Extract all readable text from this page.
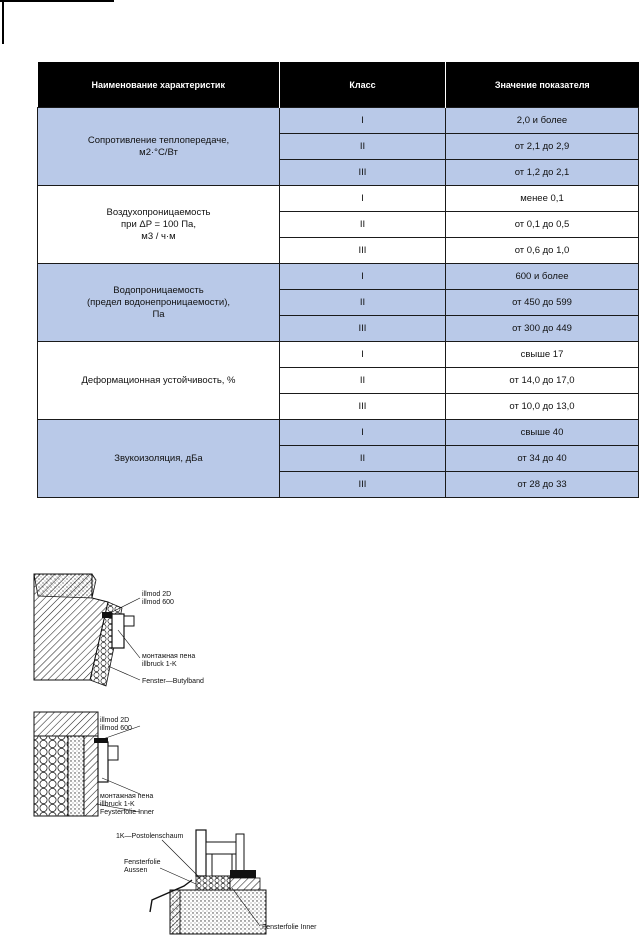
Наименование характеристик	Класс	Значение показателя
Сопротивление теплопередаче,
м2·°С/Вт	I	2,0 и более
	II	от 2,1 до 2,9
	III	от 1,2 до 2,1
Воздухопроницаемость
при ΔP = 100 Па,
м3 / ч·м	I	менее 0,1
	II	от 0,1 до 0,5
	III	от 0,6 до 1,0
Водопроницаемость
(предел водонепроницаемости),
Па	I	600 и более
	II	от 450 до 599
	III	от 300 до 449
Деформационная устойчивость, %	I	свыше 17
	II	от 14,0 до 17,0
	III	от 10,0 до 13,0
Звукоизоляция, дБа	I	свыше 40
	II	от 34 до 40
	III	от 28 до 33
illmod 2D
illmod 600
монтажная пена
illbruck 1-K
Fenster—Butylband
illmod 2D
illmod 600
монтажная пена
illbruck 1-K
Feysterfolie Inner
1K—Postolenschaum
Fensterfolie
Aussen
Fensterfolie Inner
